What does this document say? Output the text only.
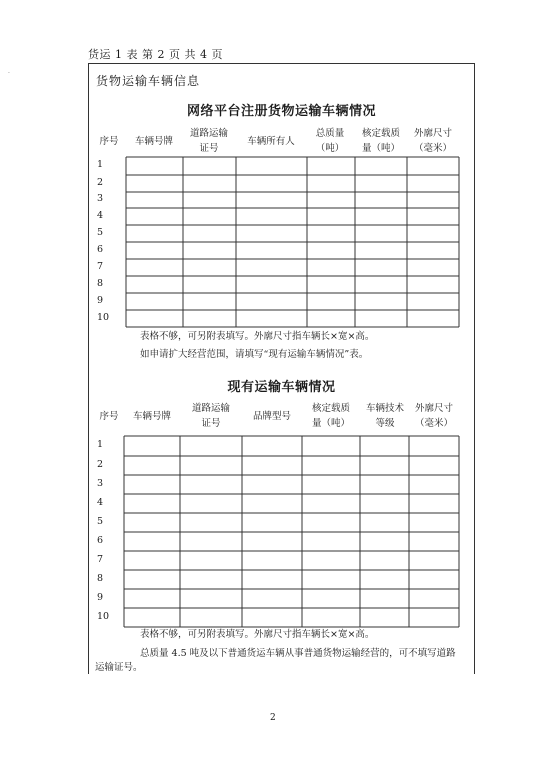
·
货运 1 表 第 2 页 共 4 页
货物运输车辆信息
网络平台注册货物运输车辆情况
序号	车辆号牌
道路运输
证号
车辆所有人
总质量
（吨）
核定载质
量（吨）
外廓尺寸
（毫米）
1
2
3
4
5
6
7
8
9
10
表格不够，可另附表填写。外廓尺寸指车辆长×宽×高。
如申请扩大经营范围，请填写“现有运输车辆情况”表。
现有运输车辆情况
序号	车辆号牌
道路运输
证号
品牌型号
核定载质
量（吨）
车辆技术
等级
外廓尺寸
（毫米）
1
2
3
4
5
6
7
8
9
10
表格不够，可另附表填写。外廓尺寸指车辆长×宽×高。
总质量 4.5 吨及以下普通货运车辆从事普通货物运输经营的，可不填写道路
运输证号。
2
